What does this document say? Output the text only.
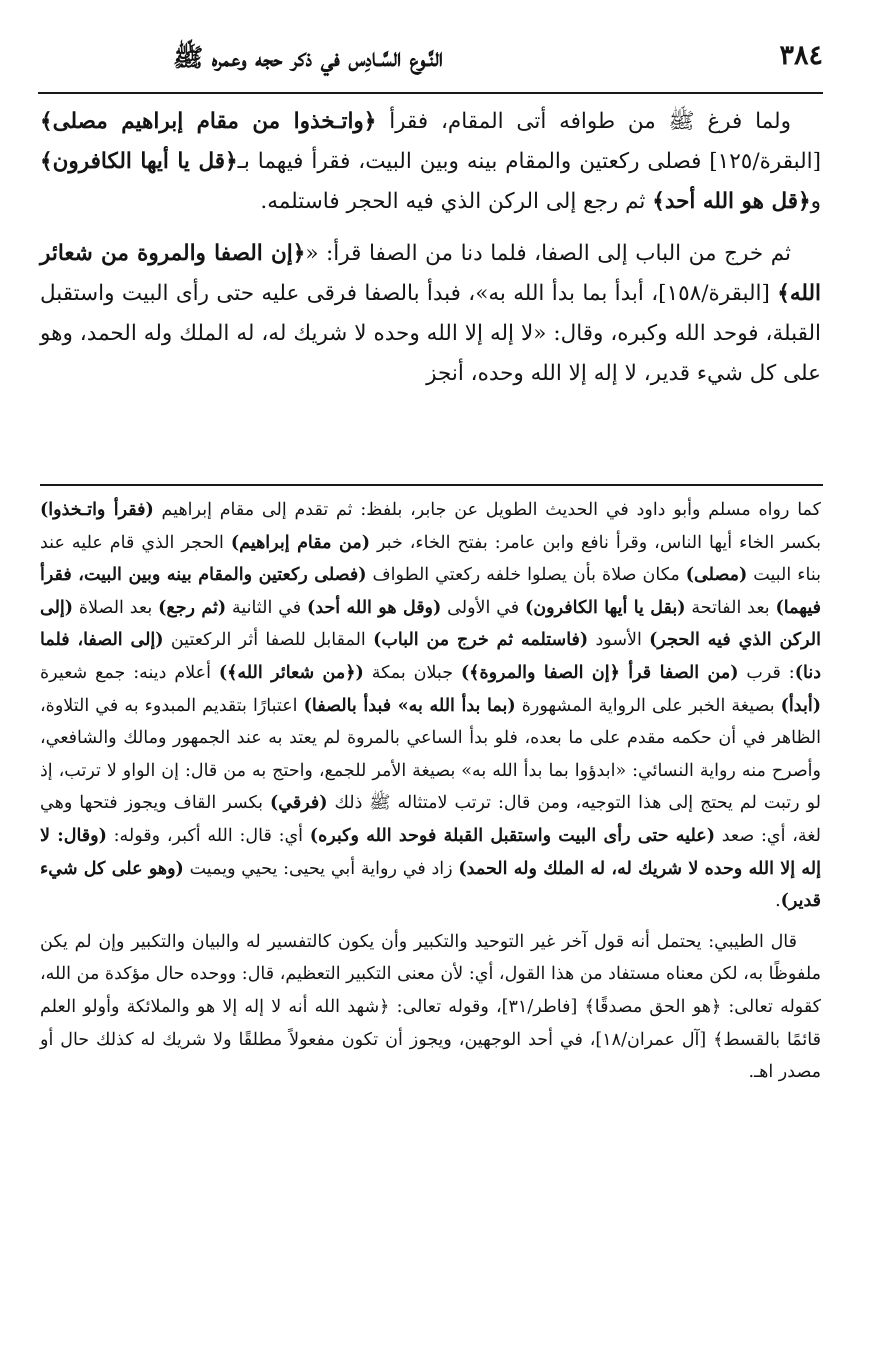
٣٨٤
النَّـوع السَّـادِس في ذكر حجه وعمره ﷺ

ولما فرغ ﷺ من طوافه أتى المقام، فقرأ ﴿واتـخذوا من مقام إبراهيم مصلى﴾ [البقرة/١٢٥] فصلى ركعتين والمقام بينه وبين البيت، فقرأ فيهما بـ﴿قل يا أيها الكافرون﴾ و﴿قل هو الله أحد﴾ ثم رجع إلى الركن الذي فيه الحجر فاستلمه.

ثم خرج من الباب إلى الصفا، فلما دنا من الصفا قرأ: «﴿إن الصفا والمروة من شعائر الله﴾ [البقرة/١٥٨]، أبدأ بما بدأ الله به»، فبدأ بالصفا فرقى عليه حتى رأى البيت واستقبل القبلة، فوحد الله وكبره، وقال: «لا إله إلا الله وحده لا شريك له، له الملك وله الحمد، وهو على كل شيء قدير، لا إله إلا الله وحده، أنجز

كما رواه مسلم وأبو داود في الحديث الطويل عن جابر، بلفظ: ثم تقدم إلى مقام إبراهيم (فقرأ واتـخذوا) بكسر الخاء أيها الناس، وقرأ نافع وابن عامر: بفتح الخاء، خبر (من مقام إبراهيم) الحجر الذي قام عليه عند بناء البيت (مصلى) مكان صلاة بأن يصلوا خلفه ركعتي الطواف (فصلى ركعتين والمقام بينه وبين البيت، فقرأ فيهما) بعد الفاتحة (بقل يا أيها الكافرون) في الأولى (وقل هو الله أحد) في الثانية (ثم رجع) بعد الصلاة (إلى الركن الذي فيه الحجر) الأسود (فاستلمه ثم خرج من الباب) المقابل للصفا أثر الركعتين (إلى الصفا، فلما دنا): قرب (من الصفا قرأ ﴿إن الصفا والمروة﴾) جبلان بمكة (﴿من شعائر الله﴾) أعلام دينه: جمع شعيرة (أبدأ) بصيغة الخبر على الرواية المشهورة (بما بدأ الله به» فبدأ بالصفا) اعتبارًا بتقديم المبدوء به في التلاوة، الظاهر في أن حكمه مقدم على ما بعده، فلو بدأ الساعي بالمروة لم يعتد به عند الجمهور ومالك والشافعي، وأصرح منه رواية النسائي: «ابدؤوا بما بدأ الله به» بصيغة الأمر للجمع، واحتج به من قال: إن الواو لا ترتب، إذ لو رتبت لم يحتج إلى هذا التوجيه، ومن قال: ترتب لامتثاله ﷺ ذلك (فرقي) بكسر القاف ويجوز فتحها وهي لغة، أي: صعد (عليه حتى رأى البيت واستقبل القبلة فوحد الله وكبره) أي: قال: الله أكبر، وقوله: (وقال: لا إله إلا الله وحده لا شريك له، له الملك وله الحمد) زاد في رواية أبي يحيى: يحيي ويميت (وهو على كل شيء قدير).

قال الطيبي: يحتمل أنه قول آخر غير التوحيد والتكبير وأن يكون كالتفسير له والبيان والتكبير وإن لم يكن ملفوظًا به، لكن معناه مستفاد من هذا القول، أي: لأن معنى التكبير التعظيم، قال: ووحده حال مؤكدة من الله، كقوله تعالى: ﴿هو الحق مصدقًا﴾ [فاطر/٣١]، وقوله تعالى: ﴿شهد الله أنه لا إله إلا هو والملائكة وأولو العلم قائمًا بالقسط﴾ [آل عمران/١٨]، في أحد الوجهين، ويجوز أن تكون مفعولاً مطلقًا ولا شريك له كذلك حال أو مصدر اهـ.
